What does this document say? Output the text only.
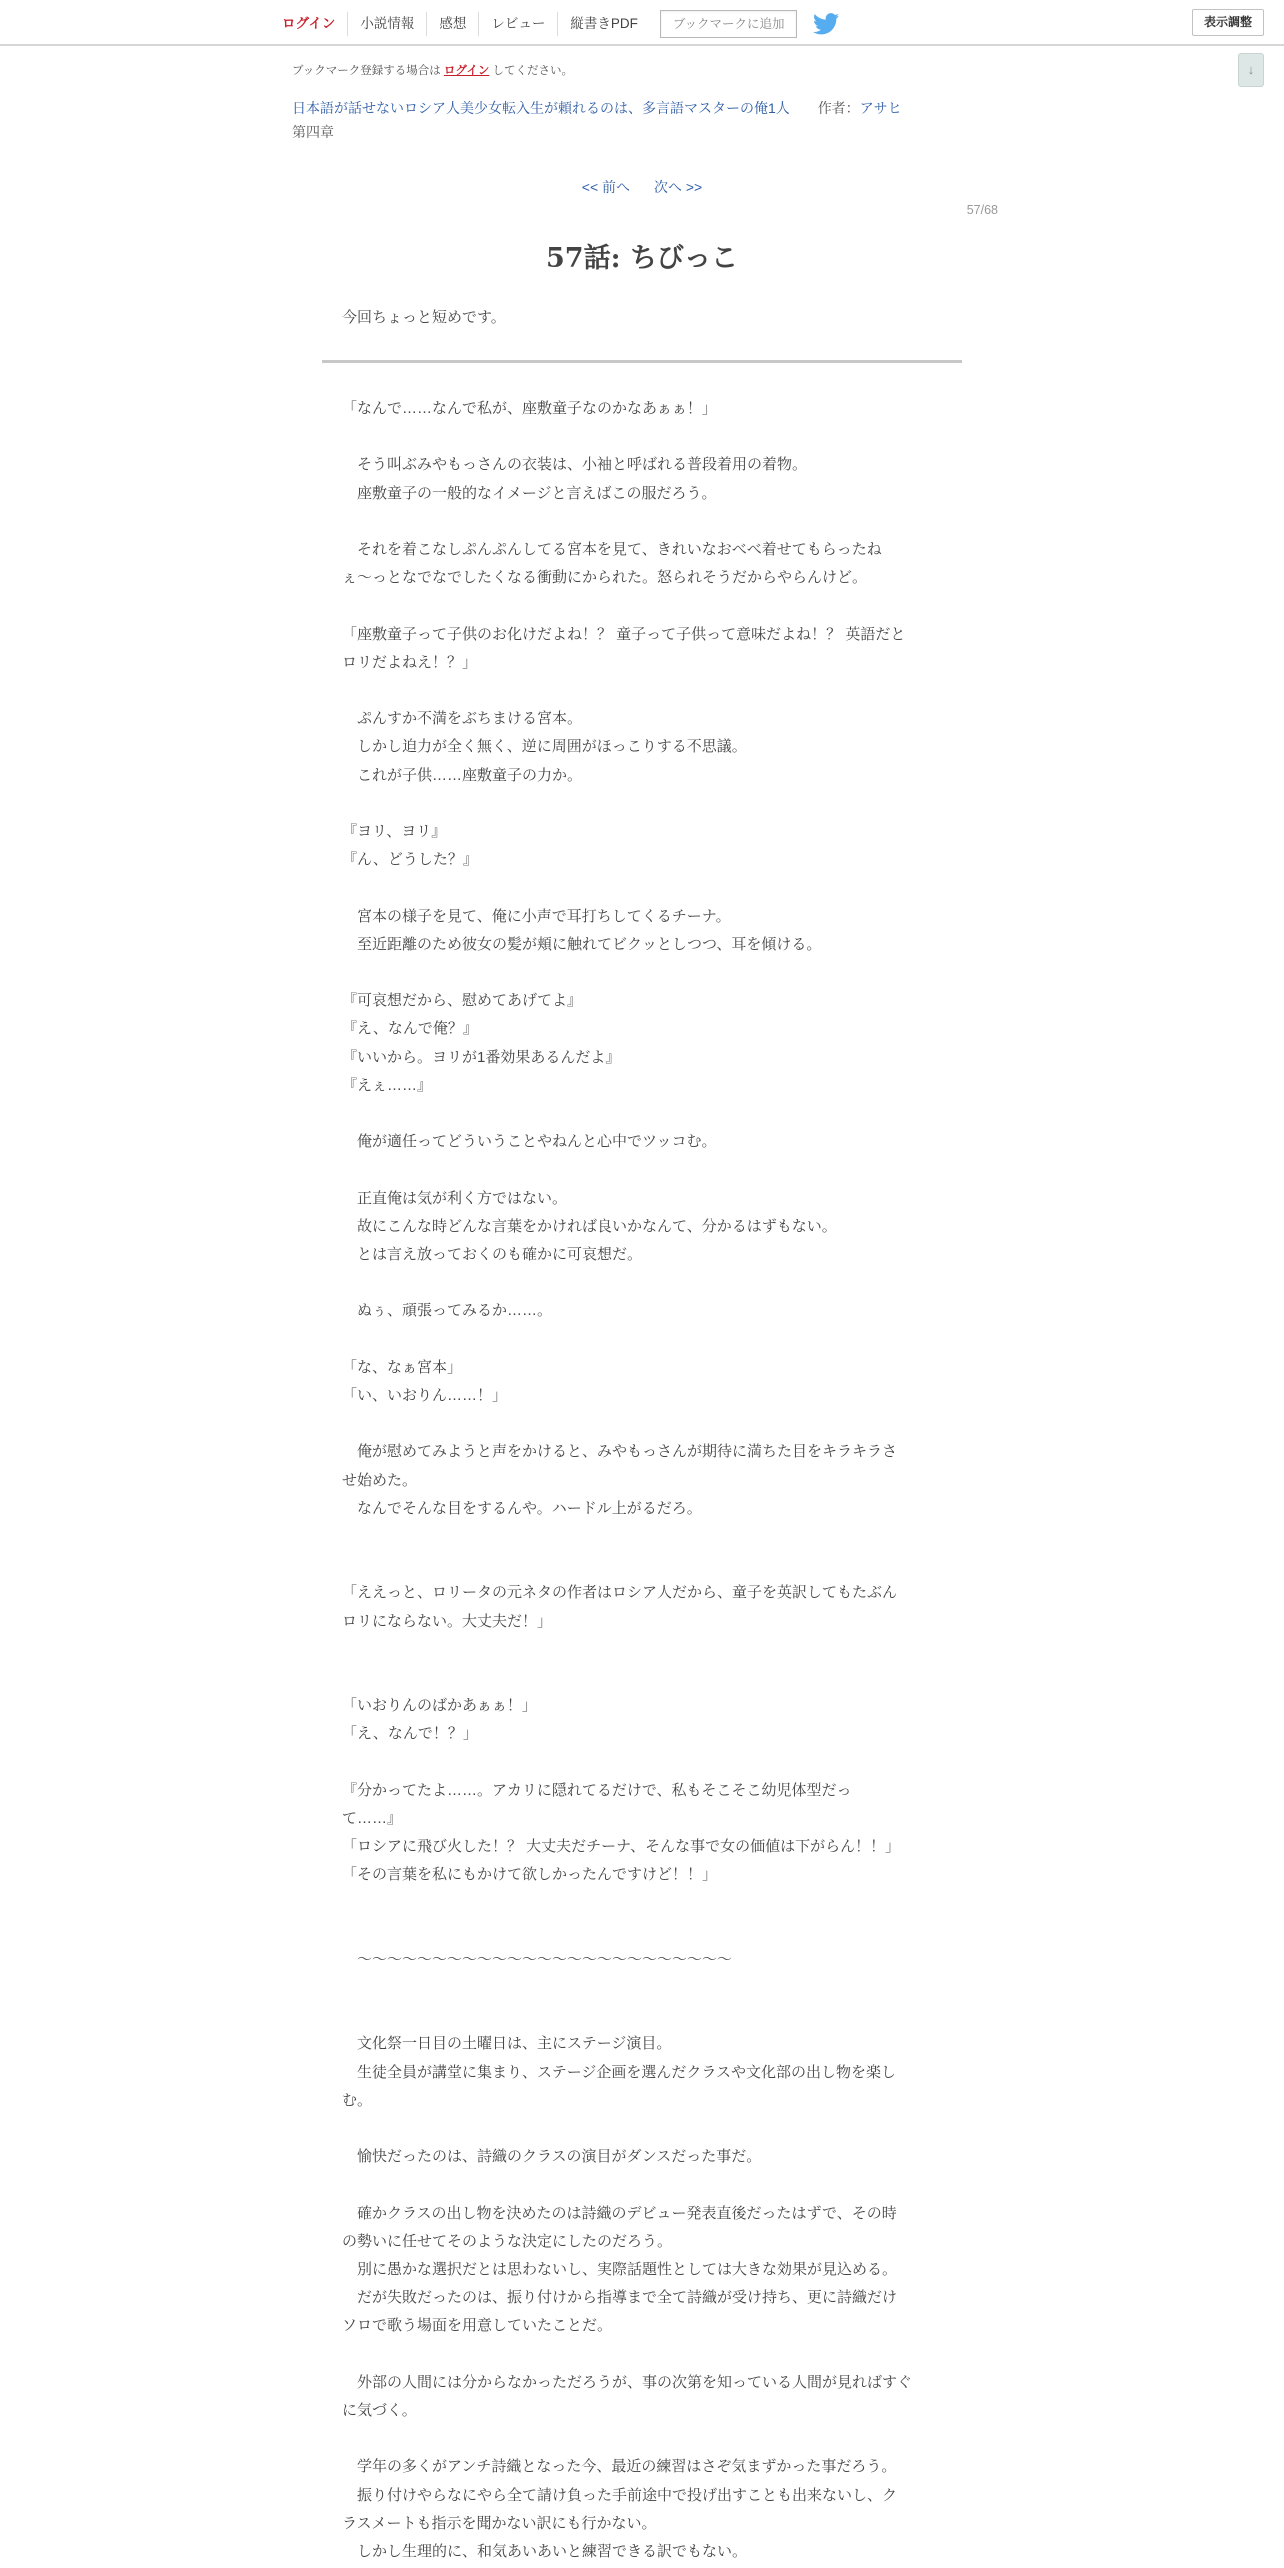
ログイン	小説情報	感想	レビュー	縦書きPDF	ブックマークに追加	表示調整
↓
ブックマーク登録する場合は ログイン してください。
日本語が話せないロシア人美少女転入生が頼れるのは、多言語マスターの俺1人 作者：アサヒ
第四章
<< 前へ 次へ >>
57/68
57話: ちびっこ
今回ちょっと短めです。

「なんで……なんで私が、座敷童子なのかなあぁぁ！」

　そう叫ぶみやもっさんの衣装は、小袖と呼ばれる普段着用の着物。

　座敷童子の一般的なイメージと言えばこの服だろう。

　それを着こなしぷんぷんしてる宮本を見て、きれいなおべべ着せてもらったね

ぇ〜っとなでなでしたくなる衝動にかられた。怒られそうだからやらんけど。

「座敷童子って子供のお化けだよね！？ 童子って子供って意味だよね！？ 英語だと

ロリだよねえ！？」

　ぷんすか不満をぶちまける宮本。

　しかし迫力が全く無く、逆に周囲がほっこりする不思議。

　これが子供……座敷童子の力か。

『ヨリ、ヨリ』

『ん、どうした？』

　宮本の様子を見て、俺に小声で耳打ちしてくるチーナ。

　至近距離のため彼女の髪が頬に触れてビクッとしつつ、耳を傾ける。

『可哀想だから、慰めてあげてよ』

『え、なんで俺？』

『いいから。ヨリが1番効果あるんだよ』

『えぇ……』

　俺が適任ってどういうことやねんと心中でツッコむ。

　正直俺は気が利く方ではない。

　故にこんな時どんな言葉をかければ良いかなんて、分かるはずもない。

　とは言え放っておくのも確かに可哀想だ。

　ぬぅ、頑張ってみるか……。

「な、なぁ宮本」

「い、いおりん……！」

　俺が慰めてみようと声をかけると、みやもっさんが期待に満ちた目をキラキラさ

せ始めた。

　なんでそんな目をするんや。ハードル上がるだろ。

「ええっと、ロリータの元ネタの作者はロシア人だから、童子を英訳してもたぶん

ロリにならない。大丈夫だ！」

「いおりんのばかあぁぁ！」

「え、なんで！？」

『分かってたよ……。アカリに隠れてるだけで、私もそこそこ幼児体型だっ

て……』

「ロシアに飛び火した！？ 大丈夫だチーナ、そんな事で女の価値は下がらん！！」

「その言葉を私にもかけて欲しかったんですけど！！」

　～～～～～～～～～～～～～～～～～～～～～～～～～

　文化祭一日目の土曜日は、主にステージ演目。

　生徒全員が講堂に集まり、ステージ企画を選んだクラスや文化部の出し物を楽し

む。

　愉快だったのは、詩織のクラスの演目がダンスだった事だ。

　確かクラスの出し物を決めたのは詩織のデビュー発表直後だったはずで、その時

の勢いに任せてそのような決定にしたのだろう。

　別に愚かな選択だとは思わないし、実際話題性としては大きな効果が見込める。

　だが失敗だったのは、振り付けから指導まで全て詩織が受け持ち、更に詩織だけ

ソロで歌う場面を用意していたことだ。

　外部の人間には分からなかっただろうが、事の次第を知っている人間が見ればすぐ

に気づく。

　学年の多くがアンチ詩織となった今、最近の練習はさぞ気まずかった事だろう。

　振り付けやらなにやら全て請け負った手前途中で投げ出すことも出来ないし、ク

ラスメートも指示を聞かない訳にも行かない。

　しかし生理的に、和気あいあいと練習できる訳でもない。
